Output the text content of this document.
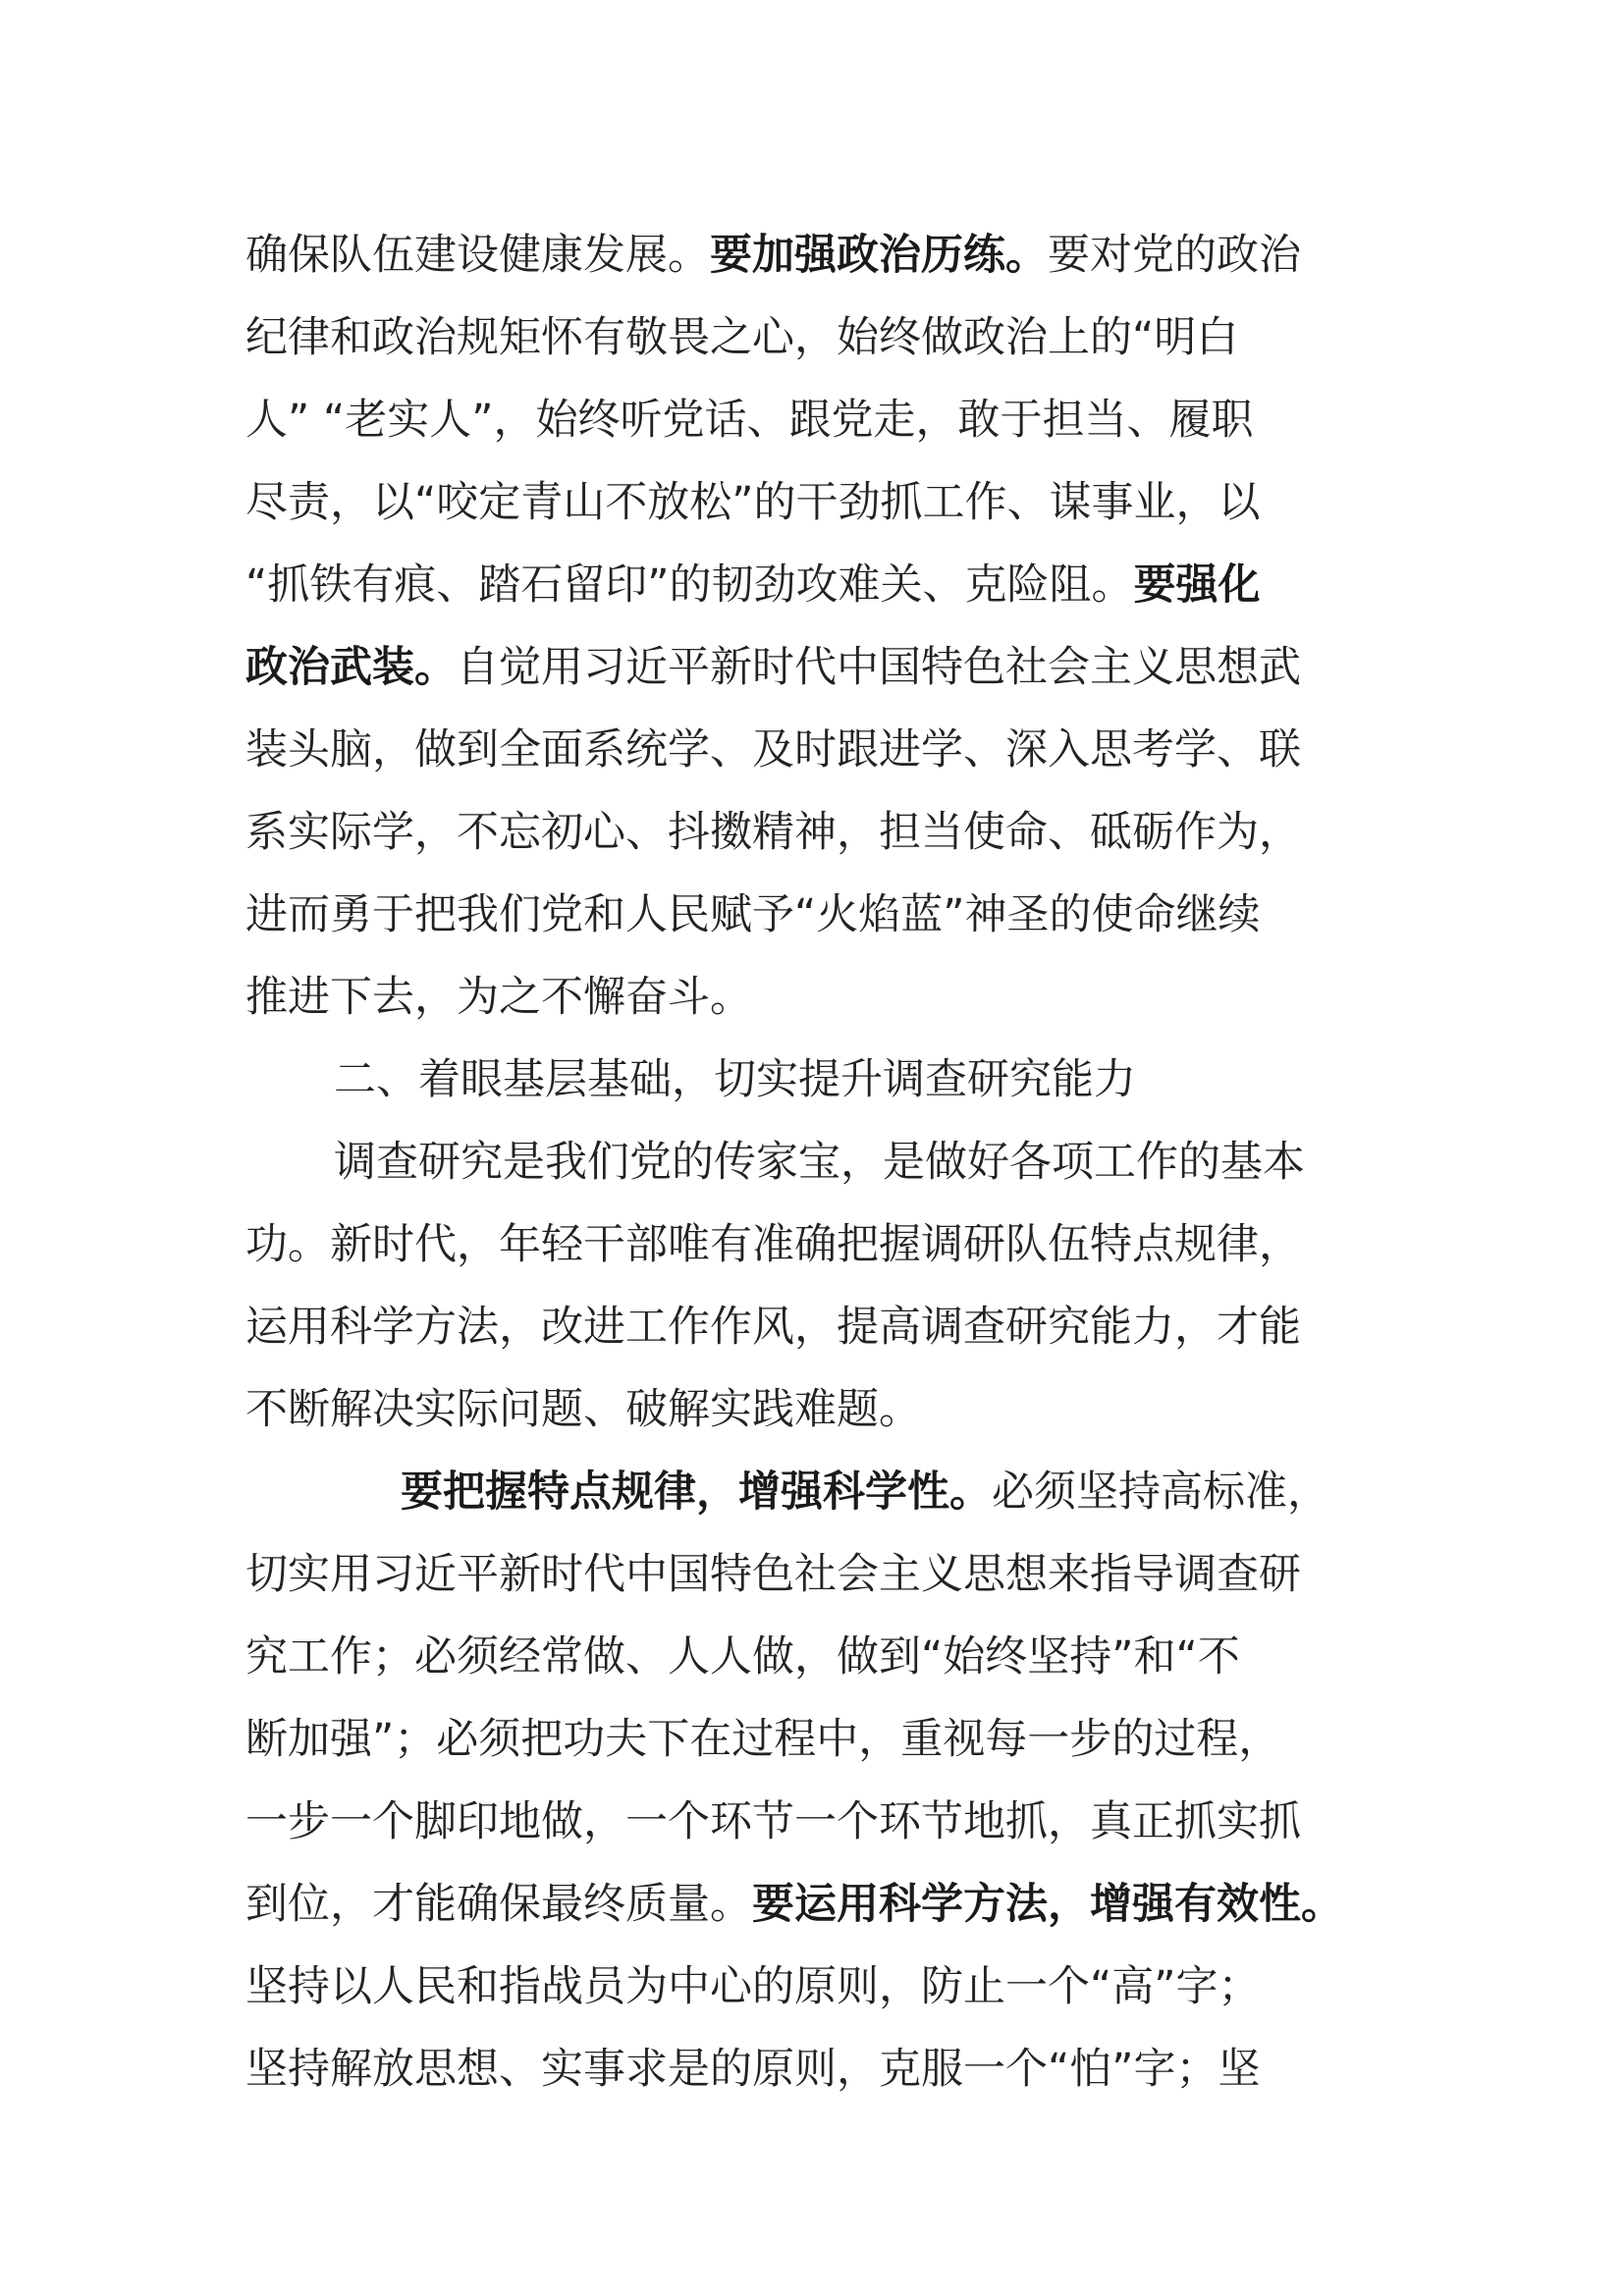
确保队伍建设健康发展。要加强政治历练。要对党的政治
纪律和政治规矩怀有敬畏之心，始终做政治上的“明白
人” “老实人”，始终听党话、跟党走，敢于担当、履职
尽责，以“咬定青山不放松”的干劲抓工作、谋事业，以
“抓铁有痕、踏石留印”的韧劲攻难关、克险阻。要强化
政治武装。自觉用习近平新时代中国特色社会主义思想武
装头脑，做到全面系统学、及时跟进学、深入思考学、联
系实际学，不忘初心、抖擞精神，担当使命、砥砺作为，
进而勇于把我们党和人民赋予“火焰蓝”神圣的使命继续
推进下去，为之不懈奋斗。
二、着眼基层基础，切实提升调查研究能力
调查研究是我们党的传家宝，是做好各项工作的基本
功。新时代，年轻干部唯有准确把握调研队伍特点规律，
运用科学方法，改进工作作风，提高调查研究能力，才能
不断解决实际问题、破解实践难题。
要把握特点规律，增强科学性。必须坚持高标准，
切实用习近平新时代中国特色社会主义思想来指导调查研
究工作；必须经常做、人人做，做到“始终坚持”和“不
断加强”；必须把功夫下在过程中，重视每一步的过程，
一步一个脚印地做，一个环节一个环节地抓，真正抓实抓
到位，才能确保最终质量。要运用科学方法，增强有效性。
坚持以人民和指战员为中心的原则，防止一个“高”字；
坚持解放思想、实事求是的原则，克服一个“怕”字；坚
